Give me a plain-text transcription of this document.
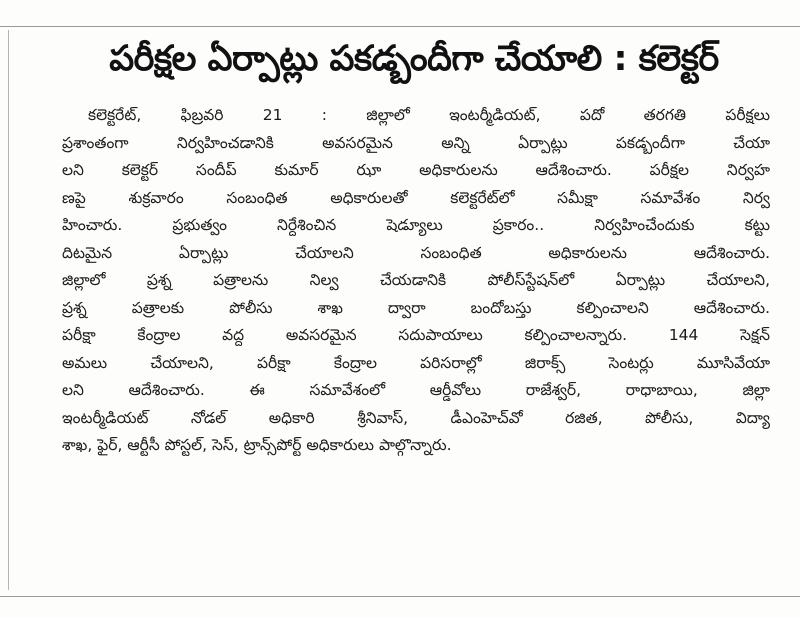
పరీక్షల ఏర్పాట్లు పకడ్బందీగా చేయాలి : కలెక్టర్
కలెక్టరేట్, ఫిబ్రవరి 21 : జిల్లాలో ఇంటర్మీడియట్, పదో తరగతి పరీక్షలు
ప్రశాంతంగా నిర్వహించడానికి అవసరమైన అన్ని ఏర్పాట్లు పకడ్బందీగా చేయా
లని కలెక్టర్ సందీప్ కుమార్ ఝా అధికారులను ఆదేశించారు. పరీక్షల నిర్వహ
ణపై శుక్రవారం సంబంధిత అధికారులతో కలెక్టరేట్‌లో సమీక్షా సమావేశం నిర్వ
హించారు. ప్రభుత్వం నిర్దేశించిన షెడ్యూలు ప్రకారం.. నిర్వహించేందుకు కట్టు
దిటమైన ఏర్పాట్లు చేయాలని సంబంధిత అధికారులను ఆదేశించారు.
జిల్లాలో ప్రశ్న పత్రాలను నిల్వ చేయడానికి పోలీస్‌స్టేషన్‌లో ఏర్పాట్లు చేయాలని,
ప్రశ్న పత్రాలకు పోలీసు శాఖ ద్వారా బందోబస్తు కల్పించాలని ఆదేశించారు.
పరీక్షా కేంద్రాల వద్ద అవసరమైన సదుపాయాలు కల్పించాలన్నారు. 144 సెక్షన్
అమలు చేయాలని, పరీక్షా కేంద్రాల పరిసరాల్లో జిరాక్స్ సెంటర్లు మూసివేయా
లని ఆదేశించారు. ఈ సమావేశంలో ఆర్డీవోలు రాజేశ్వర్, రాధాబాయి, జిల్లా
ఇంటర్మీడియట్ నోడల్ అధికారి శ్రీనివాస్, డీఎంహెచ్‌వో రజిత, పోలీసు, విద్యా
శాఖ, ఫైర్, ఆర్టీసీ పోస్టల్, సెస్, ట్రాన్స్‌పోర్ట్ అధికారులు పాల్గొన్నారు.
